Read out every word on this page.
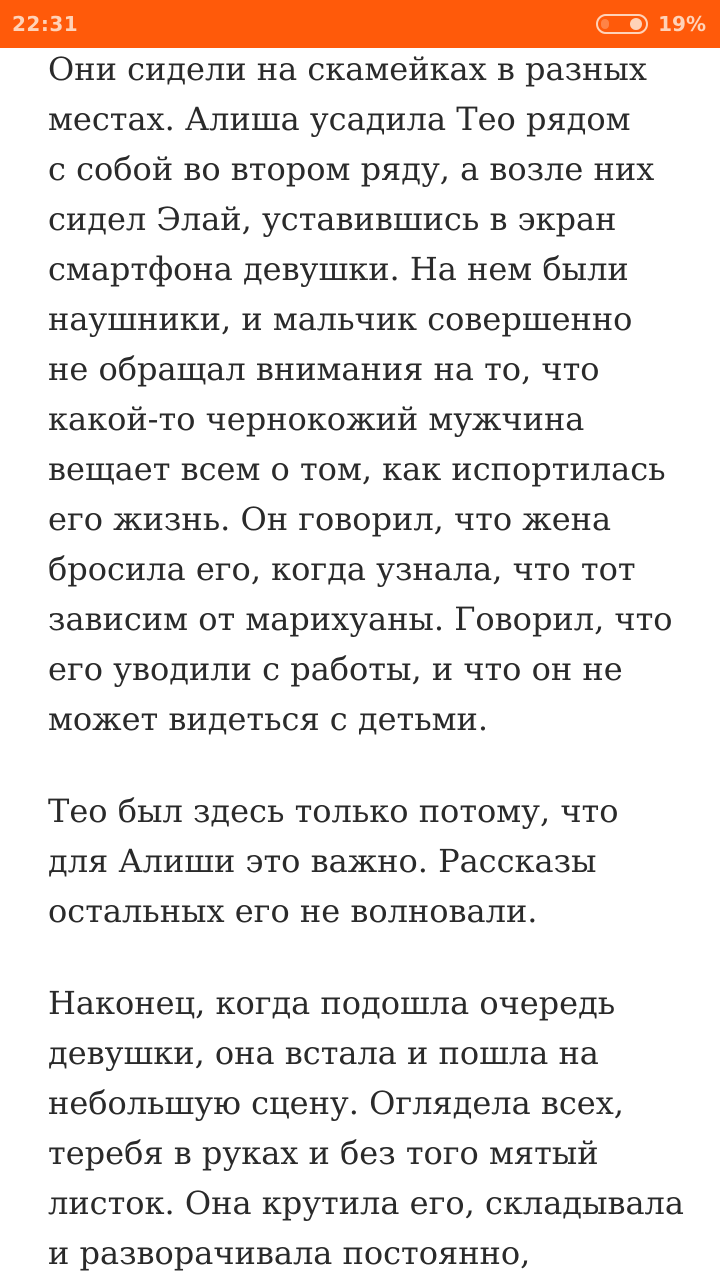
22:31	19%

Они сидели на скамейках в разных
местах. Алиша усадила Тео рядом
с собой во втором ряду, а возле них
сидел Элай, уставившись в экран
смартфона девушки. На нем были
наушники, и мальчик совершенно
не обращал внимания на то, что
какой-то чернокожий мужчина
вещает всем о том, как испортилась
его жизнь. Он говорил, что жена
бросила его, когда узнала, что тот
зависим от марихуаны. Говорил, что
его уводили с работы, и что он не
может видеться с детьми.

Тео был здесь только потому, что
для Алиши это важно. Рассказы
остальных его не волновали.

Наконец, когда подошла очередь
девушки, она встала и пошла на
небольшую сцену. Оглядела всех,
теребя в руках и без того мятый
листок. Она крутила его, складывала
и разворачивала постоянно,
